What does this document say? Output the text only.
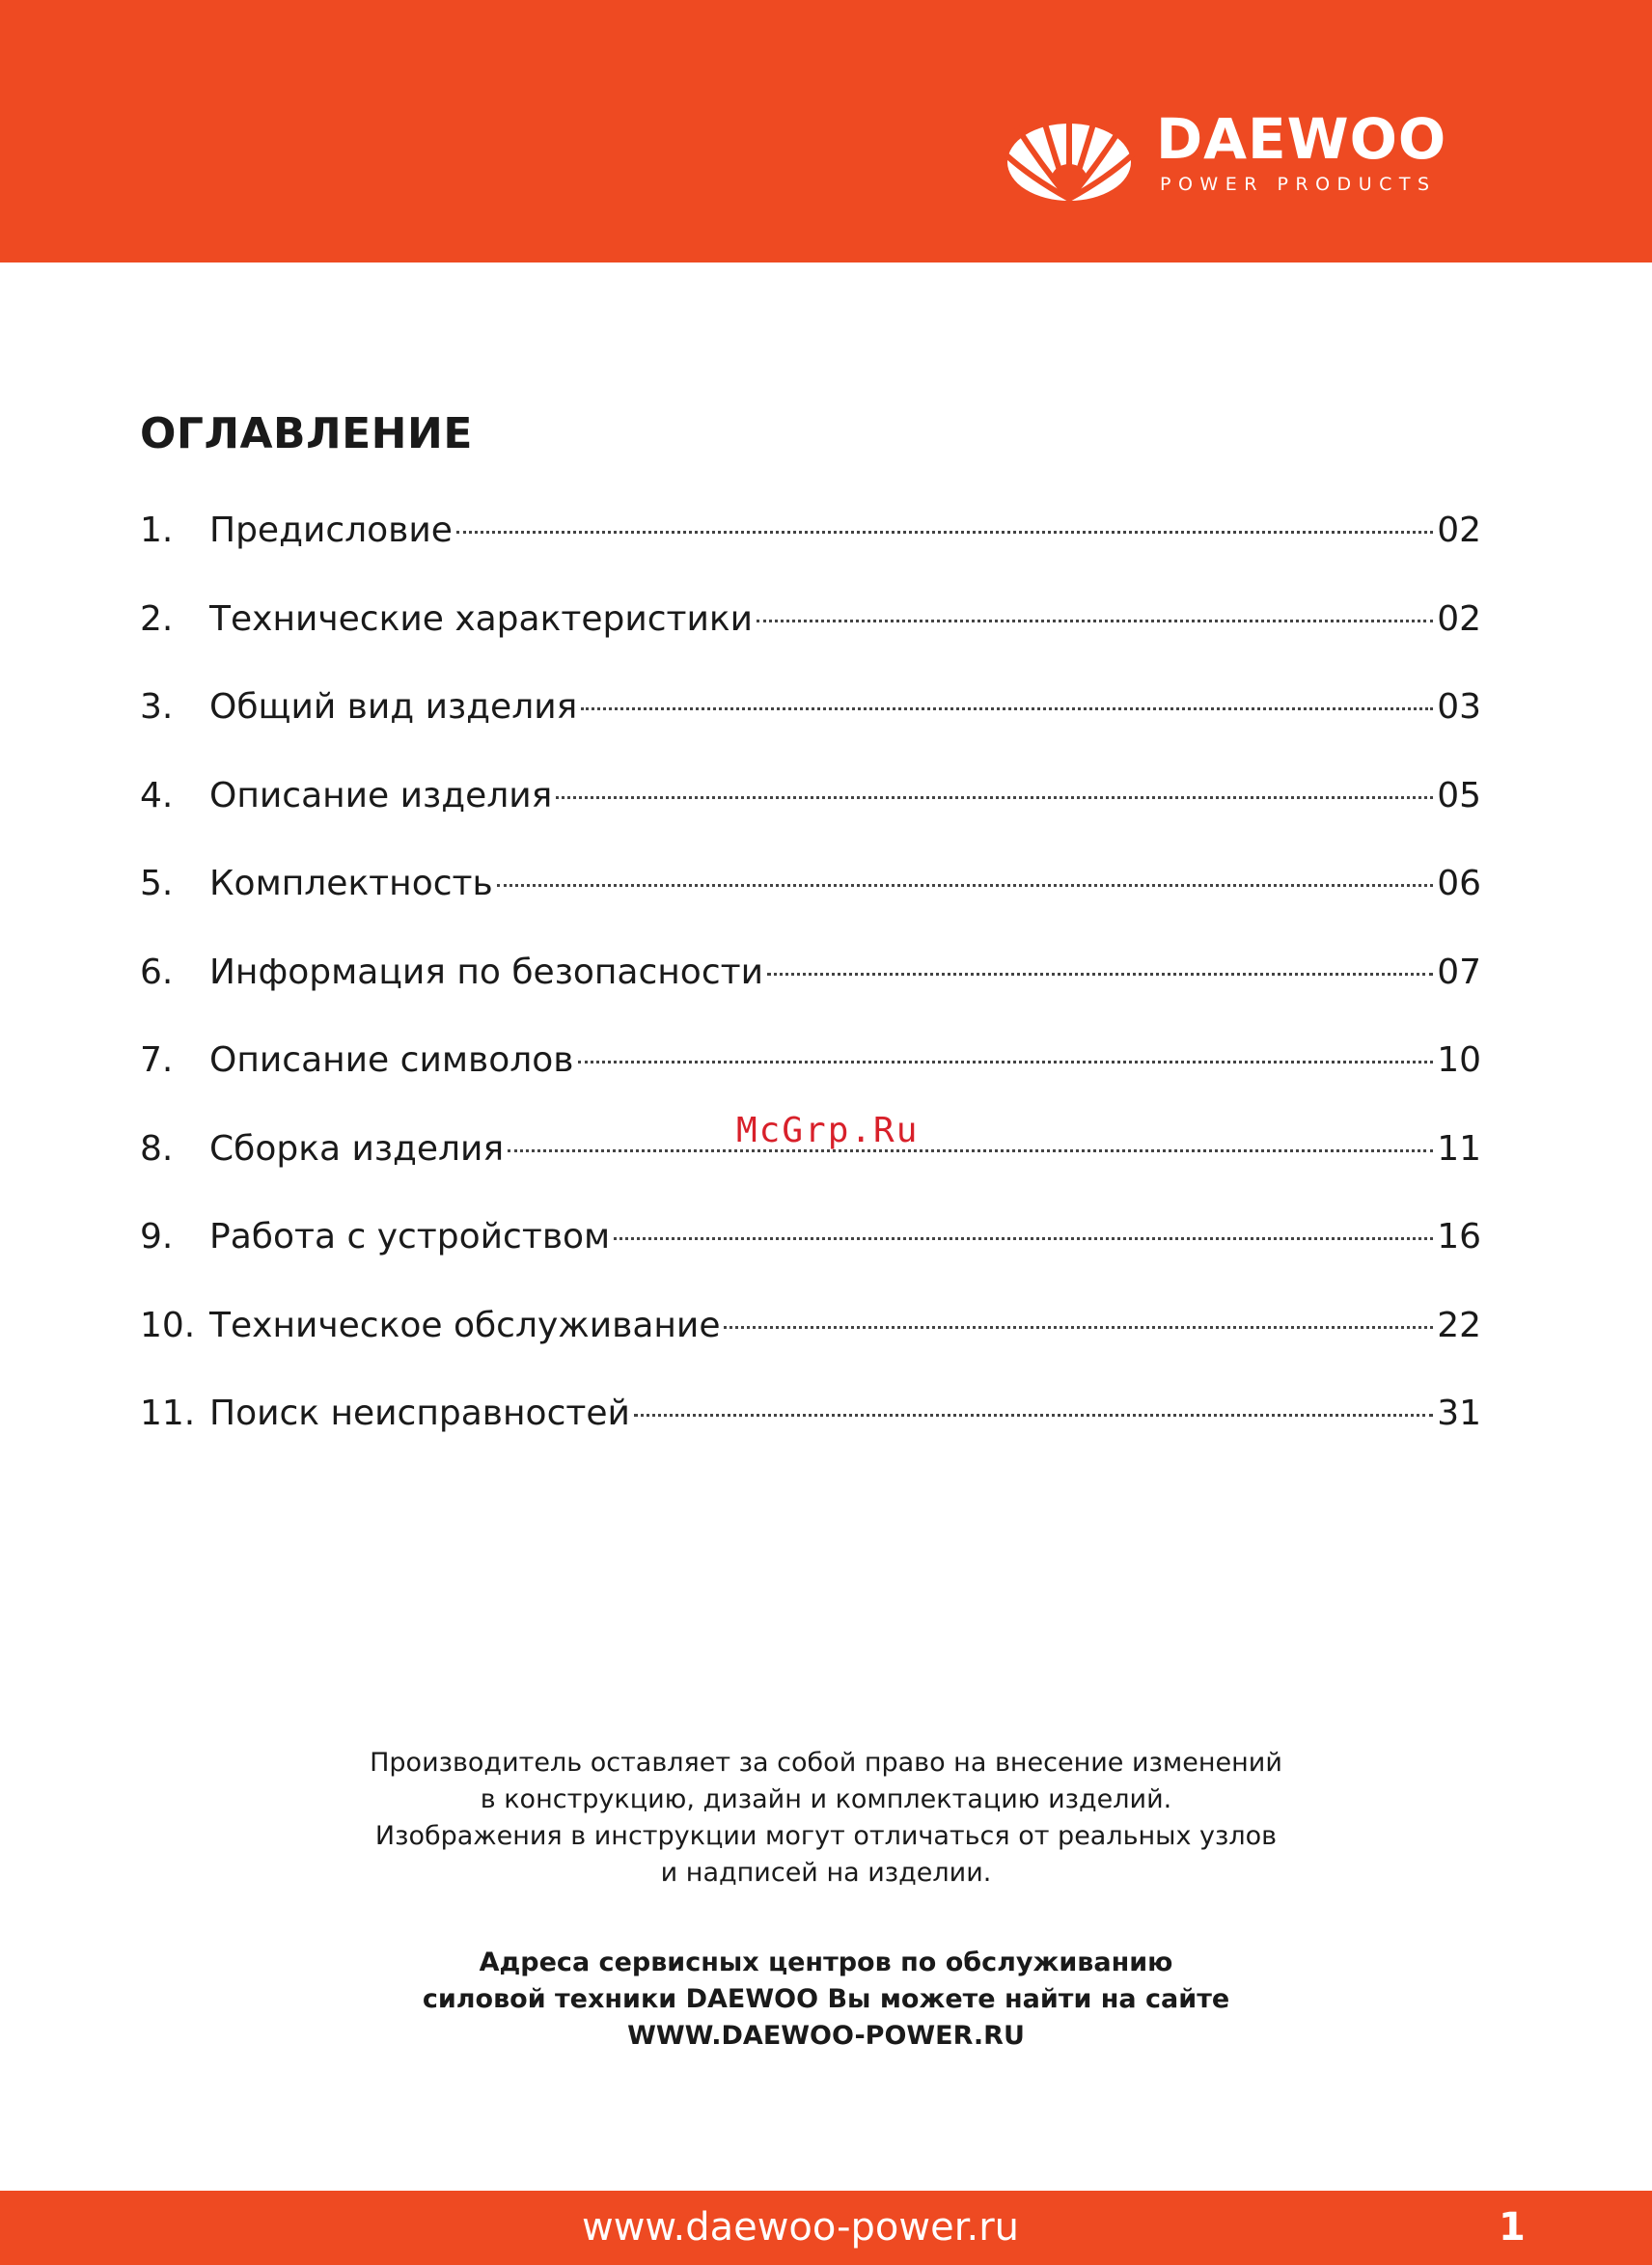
DAEWOO
POWER PRODUCTS
ОГЛАВЛЕНИЕ
1.	Предисловие	02
2.	Технические характеристики	02
3.	Общий вид изделия	03
4.	Описание изделия	05
5.	Комплектность	06
6.	Информация по безопасности	07
7.	Описание символов	10
8.	Сборка изделия	11
9.	Работа с устройством	16
10. Техническое обслуживание	22
11. Поиск неисправностей	31
McGrp.Ru
Производитель оставляет за собой право на внесение изменений
в конструкцию, дизайн и комплектацию изделий.
Изображения в инструкции могут отличаться от реальных узлов
и надписей на изделии.
Адреса сервисных центров по обслуживанию
силовой техники DAEWOO Вы можете найти на сайте
WWW.DAEWOO-POWER.RU
www.daewoo-power.ru	1
